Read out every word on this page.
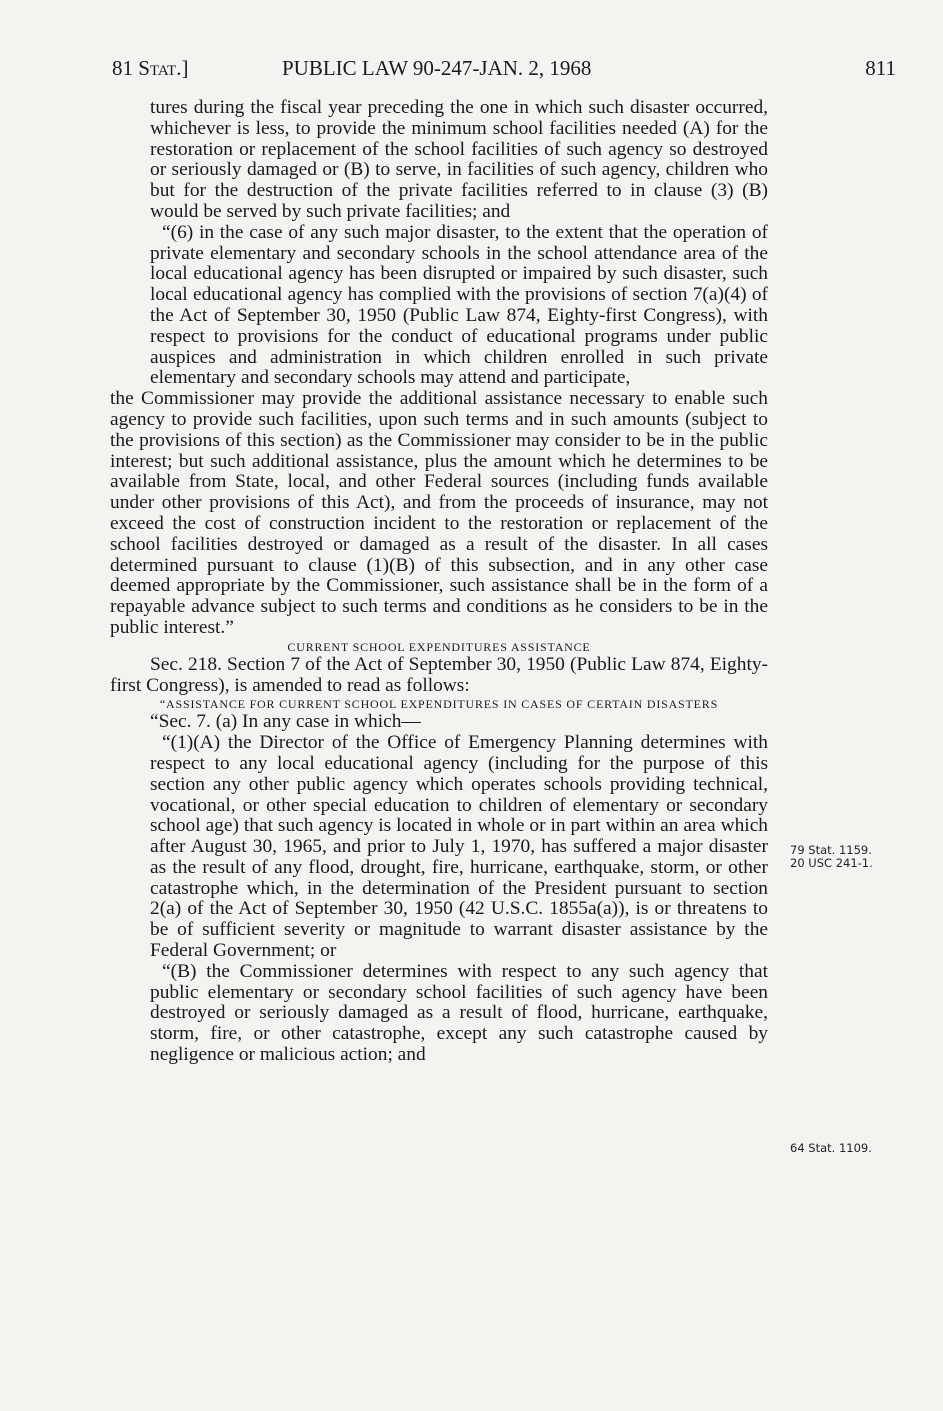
81 Stat.]	PUBLIC LAW 90-247-JAN. 2, 1968	811

tures during the fiscal year preceding the one in which such disaster occurred, whichever is less, to provide the minimum school facilities needed (A) for the restoration or replacement of the school facilities of such agency so destroyed or seriously damaged or (B) to serve, in facilities of such agency, children who but for the destruction of the private facilities referred to in clause (3) (B) would be served by such private facilities; and

“(6) in the case of any such major disaster, to the extent that the operation of private elementary and secondary schools in the school attendance area of the local educational agency has been disrupted or impaired by such disaster, such local educational agency has complied with the provisions of section 7(a)(4) of the Act of September 30, 1950 (Public Law 874, Eighty-first Congress), with respect to provisions for the conduct of educational programs under public auspices and administration in which children enrolled in such private elementary and secondary schools may attend and participate,

the Commissioner may provide the additional assistance necessary to enable such agency to provide such facilities, upon such terms and in such amounts (subject to the provisions of this section) as the Commissioner may consider to be in the public interest; but such additional assistance, plus the amount which he determines to be available from State, local, and other Federal sources (including funds available under other provisions of this Act), and from the proceeds of insurance, may not exceed the cost of construction incident to the restoration or replacement of the school facilities destroyed or damaged as a result of the disaster. In all cases determined pursuant to clause (1)(B) of this subsection, and in any other case deemed appropriate by the Commissioner, such assistance shall be in the form of a repayable advance subject to such terms and conditions as he considers to be in the public interest.”

CURRENT SCHOOL EXPENDITURES ASSISTANCE

Sec. 218. Section 7 of the Act of September 30, 1950 (Public Law 874, Eighty-first Congress), is amended to read as follows:

“ASSISTANCE FOR CURRENT SCHOOL EXPENDITURES IN CASES OF CERTAIN DISASTERS

“Sec. 7. (a) In any case in which—

“(1)(A) the Director of the Office of Emergency Planning determines with respect to any local educational agency (including for the purpose of this section any other public agency which operates schools providing technical, vocational, or other special education to children of elementary or secondary school age) that such agency is located in whole or in part within an area which after August 30, 1965, and prior to July 1, 1970, has suffered a major disaster as the result of any flood, drought, fire, hurricane, earthquake, storm, or other catastrophe which, in the determination of the President pursuant to section 2(a) of the Act of September 30, 1950 (42 U.S.C. 1855a(a)), is or threatens to be of sufficient severity or magnitude to warrant disaster assistance by the Federal Government; or

“(B) the Commissioner determines with respect to any such agency that public elementary or secondary school facilities of such agency have been destroyed or seriously damaged as a result of flood, hurricane, earthquake, storm, fire, or other catastrophe, except any such catastrophe caused by negligence or malicious action; and

79 Stat. 1159.
20 USC 241-1.
64 Stat. 1109.
